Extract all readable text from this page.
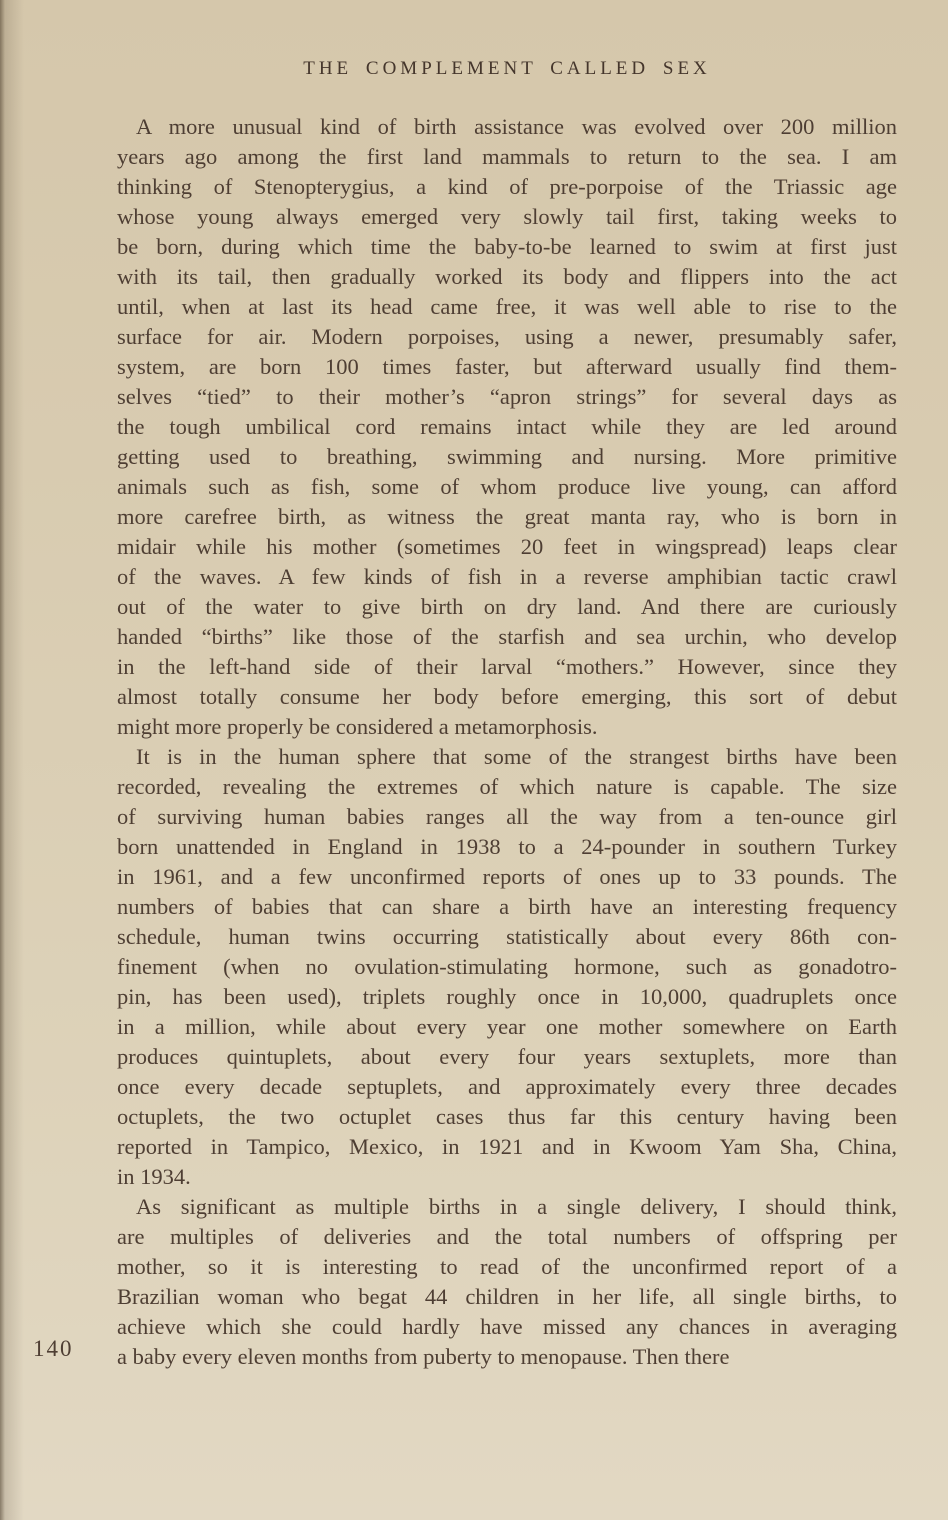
THE COMPLEMENT CALLED SEX
A more unusual kind of birth assistance was evolved over 200 million
years ago among the first land mammals to return to the sea. I am
thinking of Stenopterygius, a kind of pre-porpoise of the Triassic age
whose young always emerged very slowly tail first, taking weeks to
be born, during which time the baby-to-be learned to swim at first just
with its tail, then gradually worked its body and flippers into the act
until, when at last its head came free, it was well able to rise to the
surface for air. Modern porpoises, using a newer, presumably safer,
system, are born 100 times faster, but afterward usually find them-
selves “tied” to their mother’s “apron strings” for several days as
the tough umbilical cord remains intact while they are led around
getting used to breathing, swimming and nursing. More primitive
animals such as fish, some of whom produce live young, can afford
more carefree birth, as witness the great manta ray, who is born in
midair while his mother (sometimes 20 feet in wingspread) leaps clear
of the waves. A few kinds of fish in a reverse amphibian tactic crawl
out of the water to give birth on dry land. And there are curiously
handed “births” like those of the starfish and sea urchin, who develop
in the left-hand side of their larval “mothers.” However, since they
almost totally consume her body before emerging, this sort of debut
might more properly be considered a metamorphosis.
It is in the human sphere that some of the strangest births have been
recorded, revealing the extremes of which nature is capable. The size
of surviving human babies ranges all the way from a ten-ounce girl
born unattended in England in 1938 to a 24-pounder in southern Turkey
in 1961, and a few unconfirmed reports of ones up to 33 pounds. The
numbers of babies that can share a birth have an interesting frequency
schedule, human twins occurring statistically about every 86th con-
finement (when no ovulation-stimulating hormone, such as gonadotro-
pin, has been used), triplets roughly once in 10,000, quadruplets once
in a million, while about every year one mother somewhere on Earth
produces quintuplets, about every four years sextuplets, more than
once every decade septuplets, and approximately every three decades
octuplets, the two octuplet cases thus far this century having been
reported in Tampico, Mexico, in 1921 and in Kwoom Yam Sha, China,
in 1934.
As significant as multiple births in a single delivery, I should think,
are multiples of deliveries and the total numbers of offspring per
mother, so it is interesting to read of the unconfirmed report of a
Brazilian woman who begat 44 children in her life, all single births, to
achieve which she could hardly have missed any chances in averaging
a baby every eleven months from puberty to menopause. Then there
140
